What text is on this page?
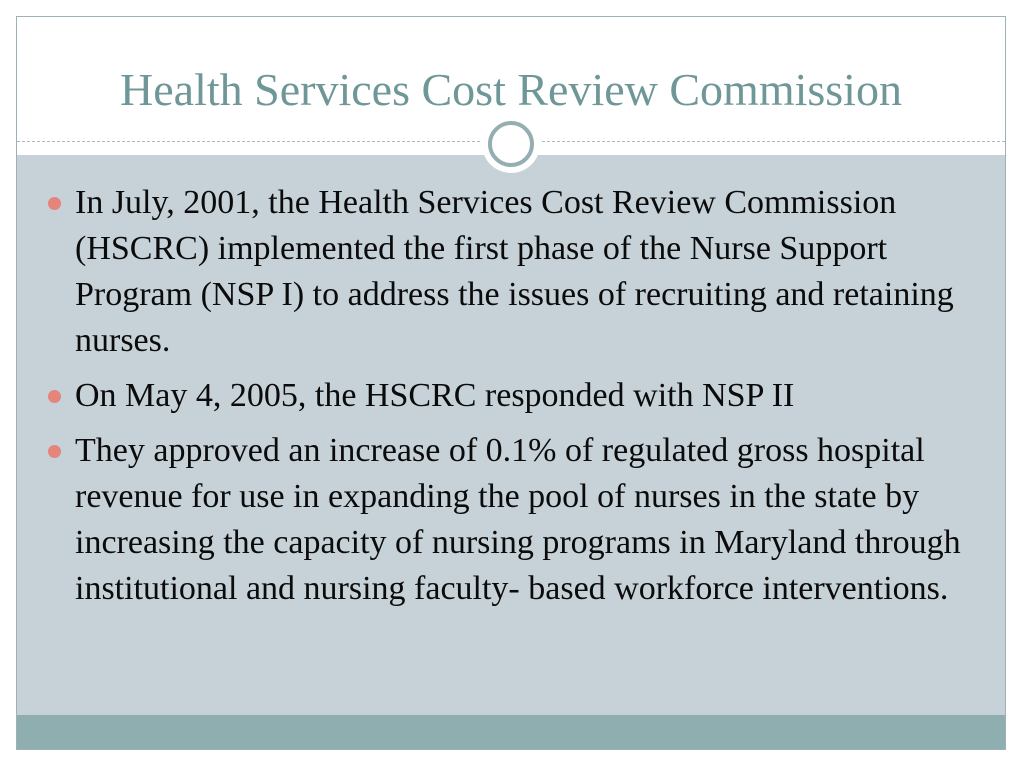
Health Services Cost Review Commission
In July, 2001, the Health Services Cost Review Commission (HSCRC) implemented the first phase of the Nurse Support Program (NSP I) to address the issues of recruiting and retaining nurses.
On May 4, 2005, the HSCRC responded with NSP II
They approved an increase of 0.1% of regulated gross hospital revenue for use in expanding the pool of nurses in the state by increasing the capacity of nursing programs in Maryland through institutional and nursing faculty- based workforce interventions.
